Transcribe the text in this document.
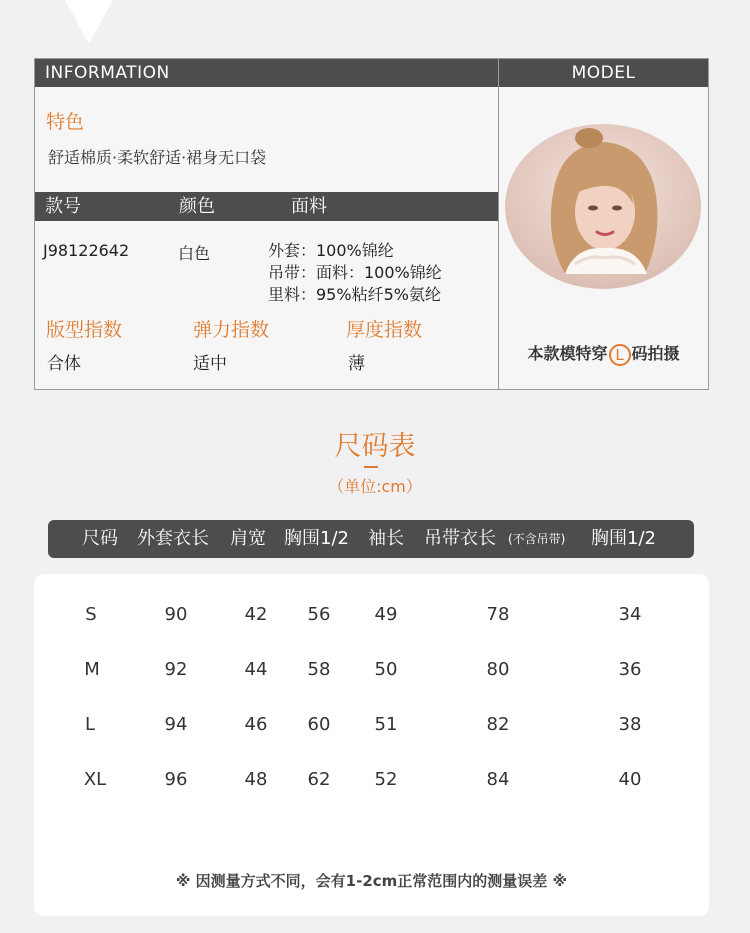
INFORMATION
特色
舒适棉质·柔软舒适·裙身无口袋
款号	颜色	面料
J98122642	白色	外套：100%锦纶
吊带：面料：100%锦纶
里料：95%粘纤5%氨纶
版型指数	弹力指数	厚度指数
合体	适中	薄
MODEL
本款模特穿 L 码拍摄
尺码表
（单位:cm）
尺码 外套衣长 肩宽 胸围1/2 袖长 吊带衣长 (不含吊带) 胸围1/2
S	90	42 56 49	78	34
M	92	44 58 50	80	36
L	94	46 60 51	82	38
XL	96	48 62 52	84	40
※ 因测量方式不同，会有1-2cm正常范围内的测量误差 ※
